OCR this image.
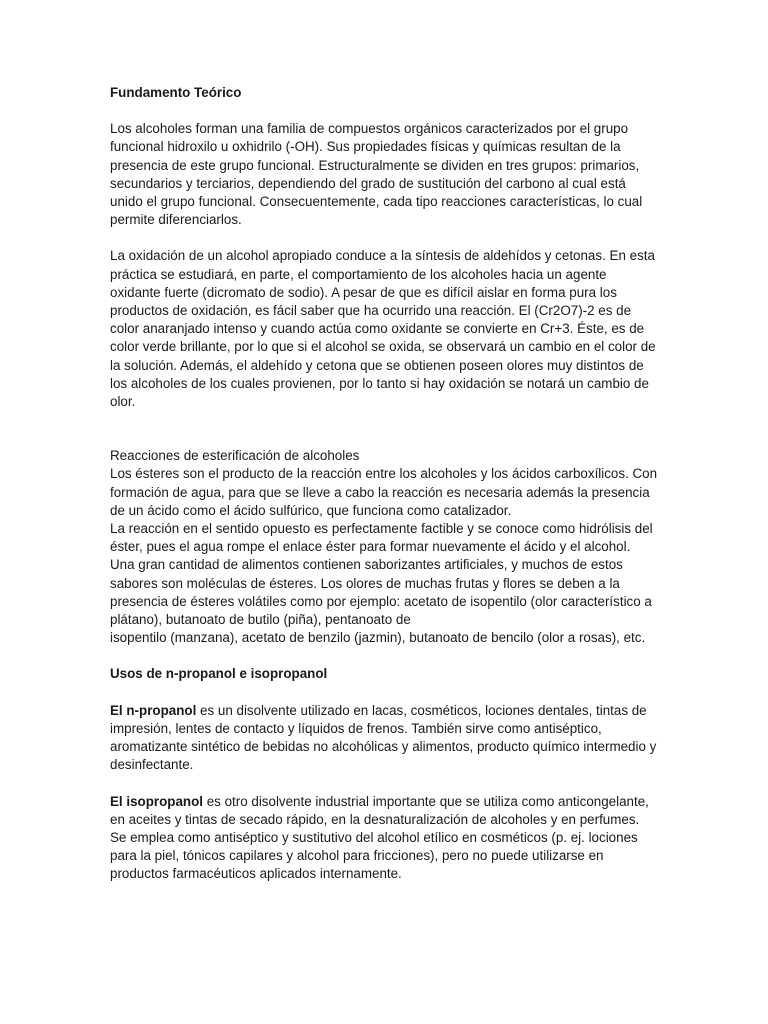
Fundamento Teórico

Los alcoholes forman una familia de compuestos orgánicos caracterizados por el grupo funcional hidroxilo u oxhidrilo (-OH). Sus propiedades físicas y químicas resultan de la presencia de este grupo funcional. Estructuralmente se dividen en tres grupos: primarios, secundarios y terciarios, dependiendo del grado de sustitución del carbono al cual está unido el grupo funcional. Consecuentemente, cada tipo reacciones características, lo cual permite diferenciarlos.

La oxidación de un alcohol apropiado conduce a la síntesis de aldehídos y cetonas. En esta práctica se estudiará, en parte, el comportamiento de los alcoholes hacia un agente oxidante fuerte (dicromato de sodio). A pesar de que es difícil aislar en forma pura los productos de oxidación, es fácil saber que ha ocurrido una reacción. El (Cr2O7)-2 es de color anaranjado intenso y cuando actúa como oxidante se convierte en Cr+3. Éste, es de color verde brillante, por lo que si el alcohol se oxida, se observará un cambio en el color de la solución. Además, el aldehído y cetona que se obtienen poseen olores muy distintos de los alcoholes de los cuales provienen, por lo tanto si hay oxidación se notará un cambio de olor.

Reacciones de esterificación de alcoholes

Los ésteres son el producto de la reacción entre los alcoholes y los ácidos carboxílicos. Con formación de agua, para que se lleve a cabo la reacción es necesaria además la presencia de un ácido como el ácido sulfúrico, que funciona como catalizador.

La reacción en el sentido opuesto es perfectamente factible y se conoce como hidrólisis del éster, pues el agua rompe el enlace éster para formar nuevamente el ácido y el alcohol.

Una gran cantidad de alimentos contienen saborizantes artificiales, y muchos de estos sabores son moléculas de ésteres. Los olores de muchas frutas y flores se deben a la presencia de ésteres volátiles como por ejemplo: acetato de isopentilo (olor característico a plátano), butanoato de butilo (piña), pentanoato de
isopentilo (manzana), acetato de benzilo (jazmin), butanoato de bencilo (olor a rosas), etc.

Usos de n-propanol e isopropanol

El n-propanol es un disolvente utilizado en lacas, cosméticos, lociones dentales, tintas de impresión, lentes de contacto y líquidos de frenos. También sirve como antiséptico, aromatizante sintético de bebidas no alcohólicas y alimentos, producto químico intermedio y desinfectante.

El isopropanol es otro disolvente industrial importante que se utiliza como anticongelante, en aceites y tintas de secado rápido, en la desnaturalización de alcoholes y en perfumes. Se emplea como antiséptico y sustitutivo del alcohol etílico en cosméticos (p. ej. lociones para la piel, tónicos capilares y alcohol para fricciones), pero no puede utilizarse en productos farmacéuticos aplicados internamente.
